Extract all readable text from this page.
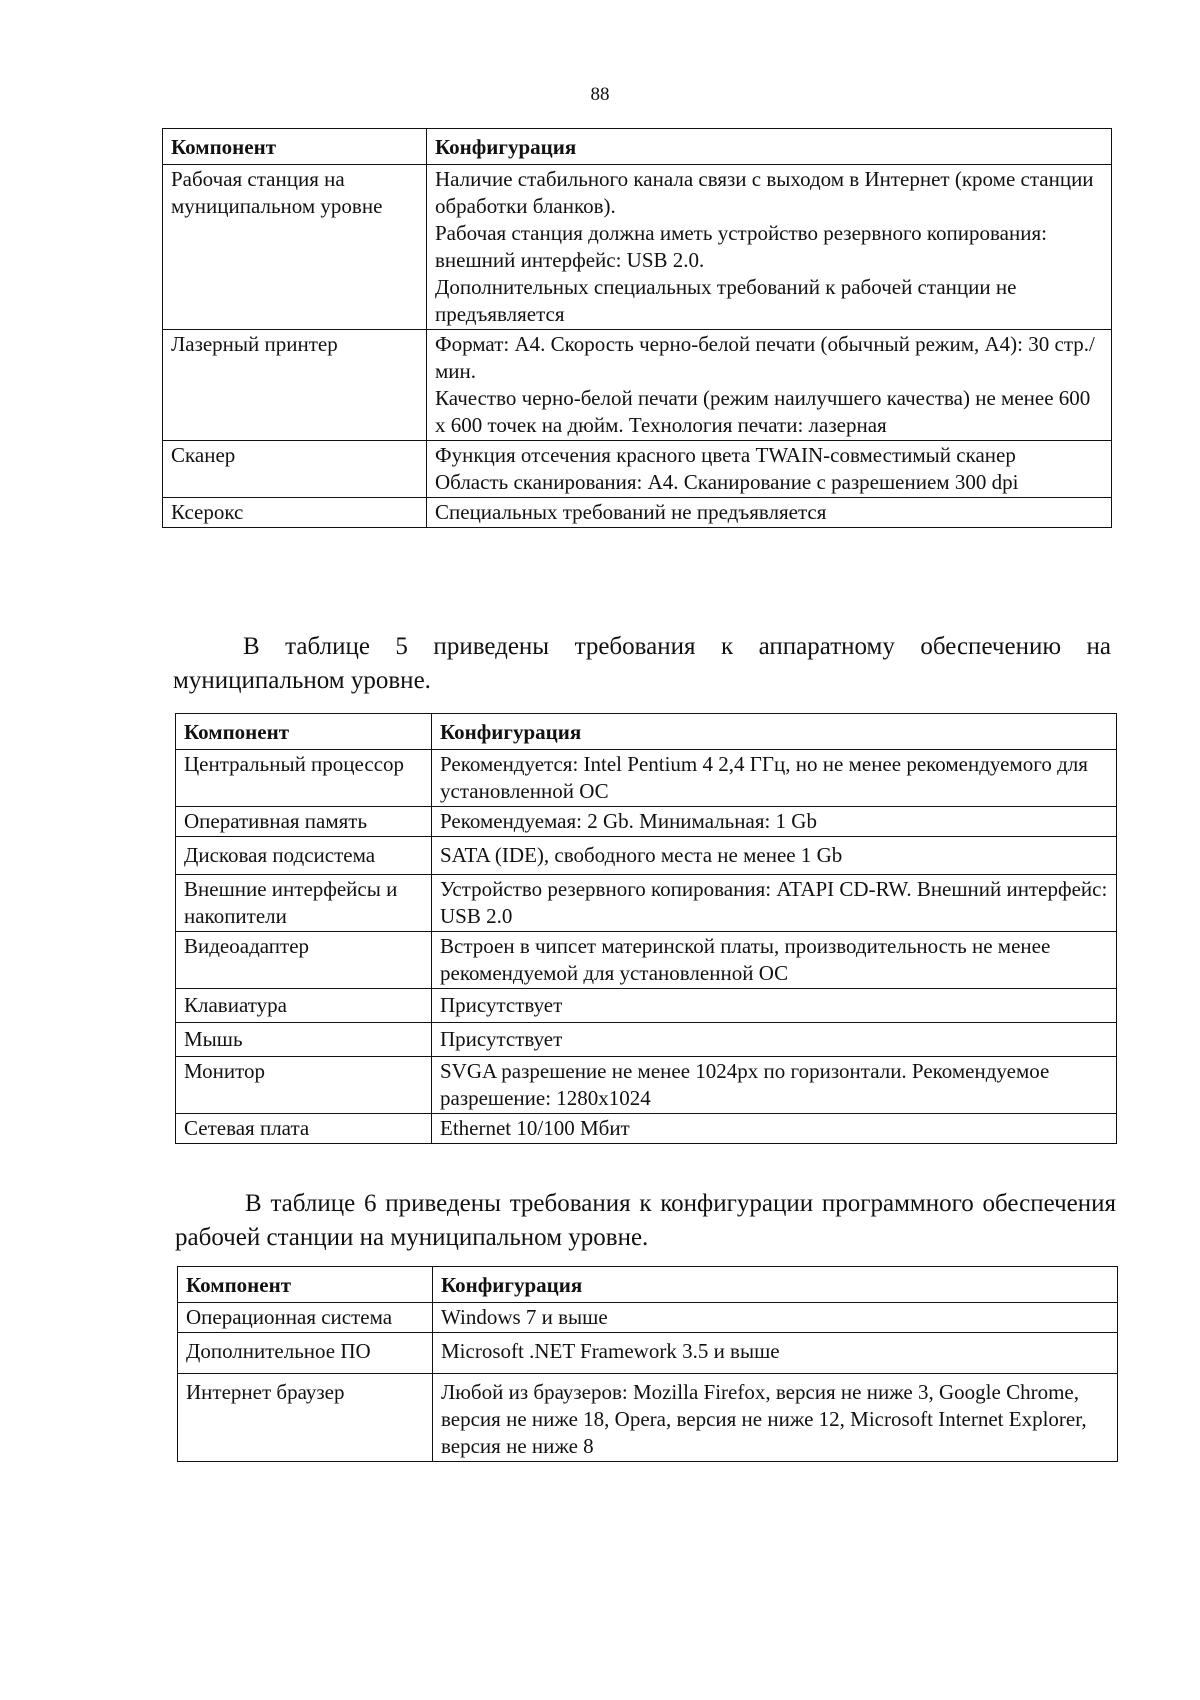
88
Компонент	Конфигурация
Рабочая станция на муниципальном уровне	Наличие стабильного канала связи с выходом в Интернет (кроме станции обработки бланков).
Рабочая станция должна иметь устройство резервного копирования: внешний интерфейс: USB 2.0.
Дополнительных специальных требований к рабочей станции не предъявляется

Лазерный принтер	Формат: А4. Скорость черно-белой печати (обычный режим, А4): 30 стр./мин.
Качество черно-белой печати (режим наилучшего качества) не менее 600 x 600 точек на дюйм. Технология печати: лазерная

Сканер	Функция отсечения красного цвета TWAIN-совместимый сканер
Область сканирования: А4. Сканирование с разрешением 300 dpi

Ксерокс	Специальных требований не предъявляется

В таблице 5 приведены требования к аппаратному обеспечению на муниципальном уровне.

Компонент	Конфигурация
Центральный процессор	Рекомендуется: Intel Pentium 4 2,4 ГГц, но не менее рекомендуемого для установленной ОС
Оперативная память	Рекомендуемая: 2 Gb. Минимальная: 1 Gb
Дисковая подсистема	SATA (IDE), свободного места не менее 1 Gb
Внешние интерфейсы и накопители	Устройство резервного копирования: ATAPI CD-RW. Внешний интерфейс: USB 2.0
Видеоадаптер	Встроен в чипсет материнской платы, производительность не менее рекомендуемой для установленной ОС
Клавиатура	Присутствует
Мышь	Присутствует
Монитор	SVGA разрешение не менее 1024px по горизонтали. Рекомендуемое разрешение: 1280x1024
Сетевая плата	Ethernet 10/100 Мбит

В таблице 6 приведены требования к конфигурации программного обеспечения рабочей станции на муниципальном уровне.

Компонент	Конфигурация
Операционная система	Windows 7 и выше
Дополнительное ПО	Microsoft .NET Framework 3.5 и выше
Интернет браузер	Любой из браузеров: Mozilla Firefox, версия не ниже 3, Google Chrome, версия не ниже 18, Opera, версия не ниже 12, Microsoft Internet Explorer, версия не ниже 8
